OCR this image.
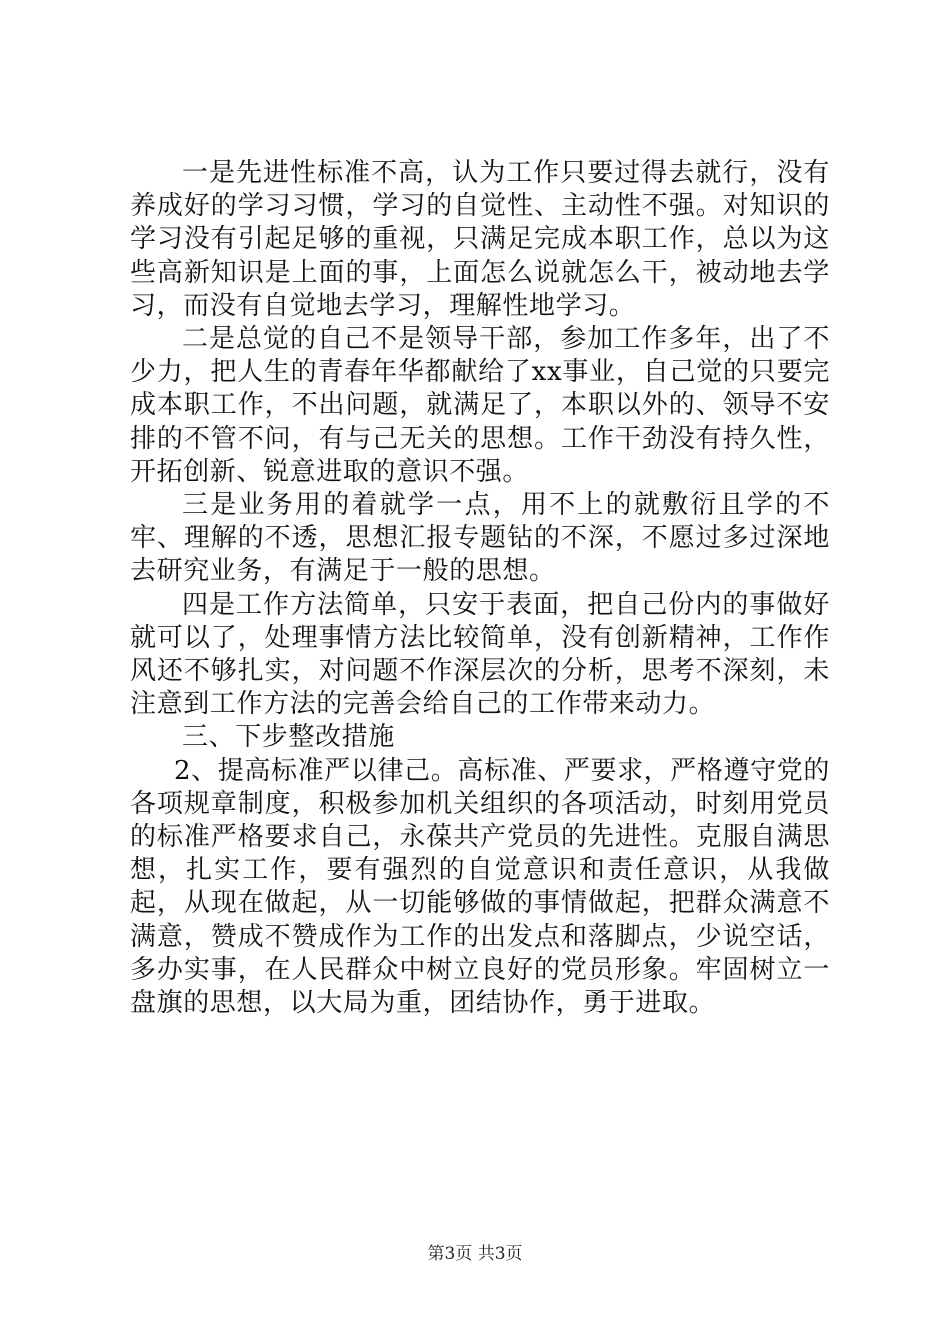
一是先进性标准不高，认为工作只要过得去就行，没有养成好的学习习惯，学习的自觉性、主动性不强。对知识的学习没有引起足够的重视，只满足完成本职工作，总以为这些高新知识是上面的事，上面怎么说就怎么干，被动地去学习，而没有自觉地去学习，理解性地学习。

二是总觉的自己不是领导干部，参加工作多年，出了不少力，把人生的青春年华都献给了xx事业，自己觉的只要完成本职工作，不出问题，就满足了，本职以外的、领导不安排的不管不问，有与己无关的思想。工作干劲没有持久性，开拓创新、锐意进取的意识不强。

三是业务用的着就学一点，用不上的就敷衍且学的不牢、理解的不透，思想汇报专题钻的不深，不愿过多过深地去研究业务，有满足于一般的思想。

四是工作方法简单，只安于表面，把自己份内的事做好就可以了，处理事情方法比较简单，没有创新精神，工作作风还不够扎实，对问题不作深层次的分析，思考不深刻，未注意到工作方法的完善会给自己的工作带来动力。

三、下步整改措施

2、提高标准严以律己。高标准、严要求，严格遵守党的各项规章制度，积极参加机关组织的各项活动，时刻用党员的标准严格要求自己，永葆共产党员的先进性。克服自满思想，扎实工作，要有强烈的自觉意识和责任意识，从我做起，从现在做起，从一切能够做的事情做起，把群众满意不满意，赞成不赞成作为工作的出发点和落脚点，少说空话，多办实事，在人民群众中树立良好的党员形象。牢固树立一盘旗的思想，以大局为重，团结协作，勇于进取。

第3页 共3页
